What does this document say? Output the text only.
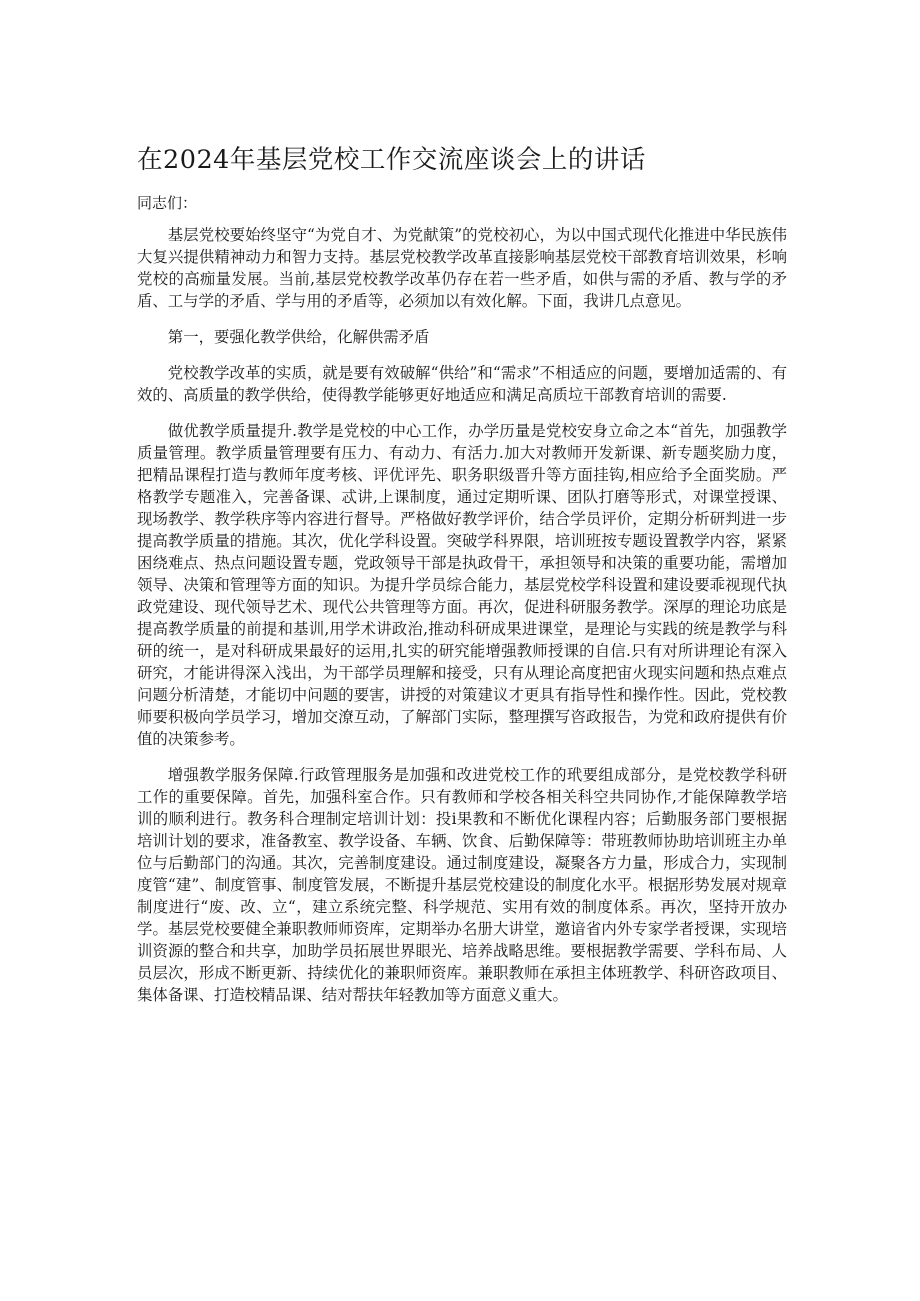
在2024年基层党校工作交流座谈会上的讲话

同志们：

基层党校要始终坚守“为党自才、为党献策”的党校初心，为以中国式现代化推进中华民族伟大复兴提供精神动力和智力支持。基层党校教学改革直接影响基层党校干部教育培训效果，杉响党校的高痂量发展。当前,基层党校教学改革仍存在若一些矛盾，如供与需的矛盾、教与学的矛盾、工与学的矛盾、学与用的矛盾等，必须加以有效化解。下面，我讲几点意见。

第一，要强化教学供给，化解供需矛盾

党校教学改革的实质，就是要有效破解“供给”和“需求”不相适应的问题，要增加适需的、有效的、高质量的教学供给，使得教学能够更好地适应和满足高质垃干部教育培训的需要.

做优教学质量提升.教学是党校的中心工作，办学历量是党校安身立命之本“首先，加强教学质量管理。教学质量管理要有压力、有动力、有活力.加大对教师开发新课、新专题奖励力度，把精品课程打造与教师年度考核、评优评先、职务职级晋升等方面挂钩,相应给予全面奖励。严格教学专题准入，完善备课、忒讲,上课制度，通过定期听课、团队打磨等形式，对课堂授课、现场教学、教学秩序等内容进行督导。严格做好教学评价，结合学员评价，定期分析研判进一步提高教学质量的措施。其次，优化学科设置。突破学科界限，培训班按专题设置教学内容，紧紧困绕难点、热点问题设置专题，党政领导干部是执政骨干，承担领导和决策的重要功能，需增加领导、决策和管理等方面的知识。为提升学员综合能力，基层党校学科设置和建设要乖视现代执政党建设、现代领导艺术、现代公共管理等方面。再次，促进科研服务教学。深厚的理论功底是提高教学质量的前提和基训,用学术讲政治,推动科研成果进课堂，是理论与实践的统是教学与科研的统一，是对科研成果最好的运用,扎实的研究能增强教师授课的自信.只有对所讲理论有深入研究，才能讲得深入浅出，为干部学员理解和接受，只有从理论高度把宙火现实问题和热点难点问题分析清楚，才能切中问题的要害，讲授的对策建议才更具有指导性和操作性。因此，党校教师要积极向学员学习，增加交潦互动，了解部门实际，整理撰写咨政报告，为党和政府提供有价值的决策参考。

增强教学服务保障.行政管理服务是加强和改进党校工作的玳要组成部分，是党校教学科研工作的重要保障。首先，加强科室合作。只有教师和学校各相关科空共同协作,才能保障教学培训的顺利进行。教务科合理制定培训计划：投i果教和不断优化课程内容；后勤服务部门要根据培训计划的要求，准备教室、教学设备、车辆、饮食、后勤保障等：带班教师协助培训班主办单位与后勤部门的沟通。其次，完善制度建设。通过制度建设，凝聚各方力量，形成合力，实现制度管“建”、制度管事、制度管发展，不断提升基层党校建设的制度化水平。根据形势发展对规章制度进行“废、改、立“，建立系统完整、科学规范、实用有效的制度体系。再次，坚持开放办学。基层党校要健全兼职教师师资库，定期举办名册大讲堂，邀谙省内外专家学者授课，实现培训资源的整合和共享，加助学员拓展世界眼光、培养战略思维。要根据教学需要、学科布局、人员层次，形成不断更新、持续优化的兼职师资库。兼职教师在承担主体班教学、科研咨政项目、集体备课、打造校精品课、结对帮扶年轻教加等方面意义重大。
